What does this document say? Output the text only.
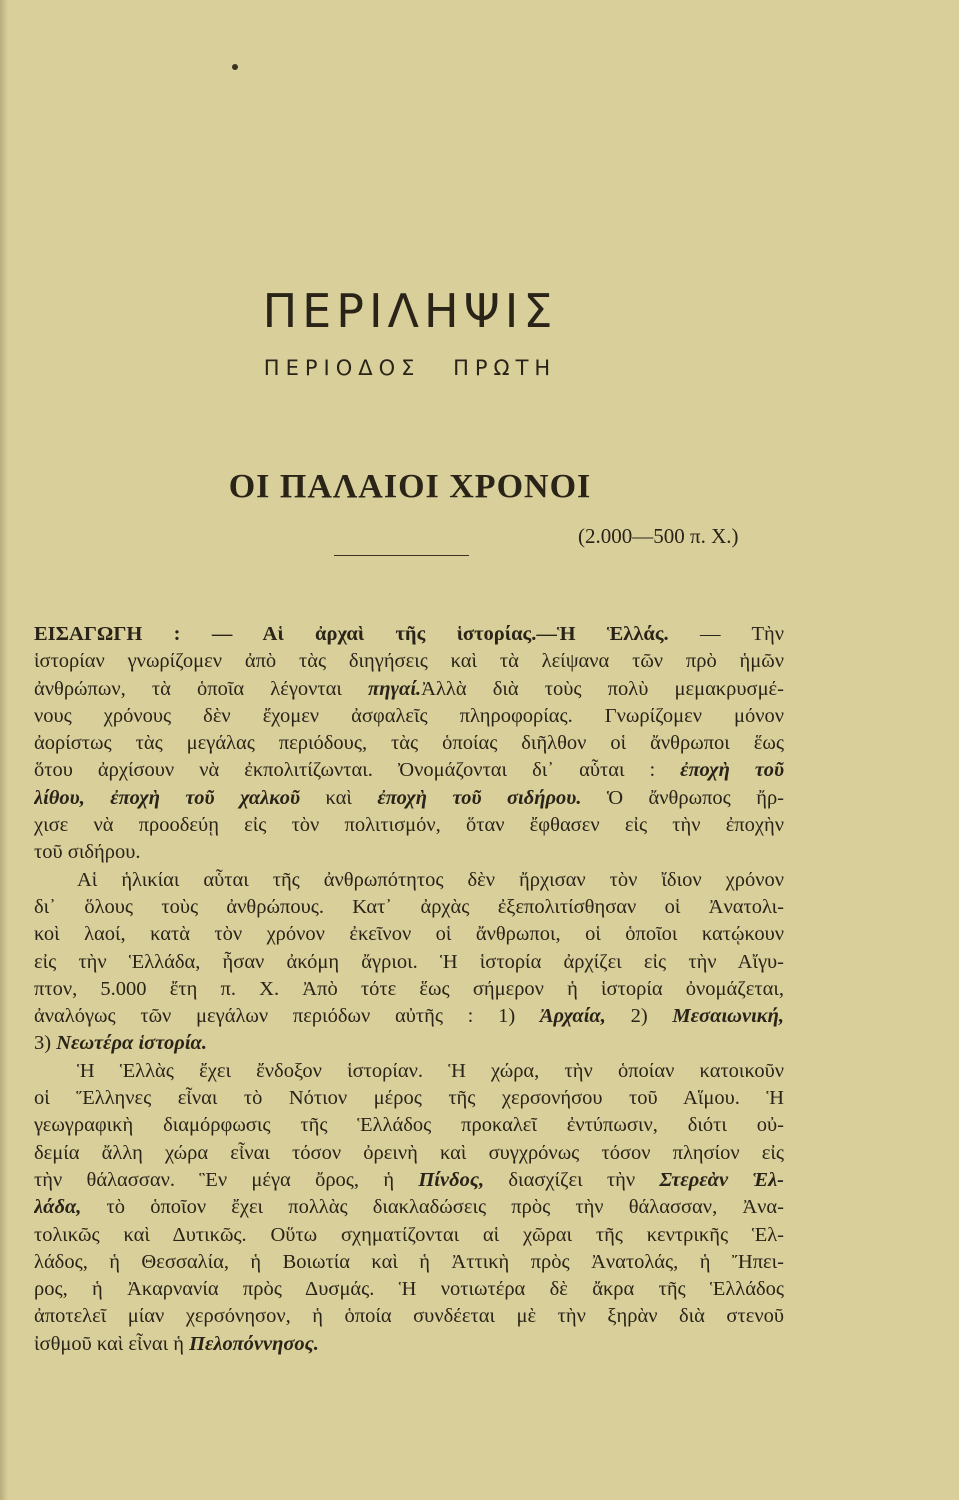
ΠΕΡΙΛΗΨΙΣ
ΠΕΡΙΟΔΟΣ ΠΡΩΤΗ
ΟΙ ΠΑΛΑΙΟΙ ΧΡΟΝΟΙ
(2.000—500 π. Χ.)
ΕΙΣΑΓΩΓΗ : — Αἱ ἀρχαὶ τῆς ἱστορίας.—Ἡ Ἑλλάς. — Τὴν
ἱστορίαν γνωρίζομεν ἀπὸ τὰς διηγήσεις καὶ τὰ λείψανα τῶν πρὸ ἡμῶν
ἀνθρώπων, τὰ ὁποῖα λέγονται πηγαί.Ἀλλὰ διὰ τοὺς πολὺ μεμακρυσμέ-
νους χρόνους δὲν ἔχομεν ἀσφαλεῖς πληροφορίας. Γνωρίζομεν μόνον
ἀορίστως τὰς μεγάλας περιόδους, τὰς ὁποίας διῆλθον οἱ ἄνθρωποι ἕως
ὅτου ἀρχίσουν νὰ ἐκπολιτίζωνται. Ὀνομάζονται δι᾽ αὗται : ἐποχὴ τοῦ
λίθου, ἐποχὴ τοῦ χαλκοῦ καὶ ἐποχὴ τοῦ σιδήρου. Ὁ ἄνθρωπος ἤρ-
χισε νὰ προοδεύῃ εἰς τὸν πολιτισμόν, ὅταν ἔφθασεν εἰς τὴν ἐποχὴν
τοῦ σιδήρου.
Αἱ ἡλικίαι αὗται τῆς ἀνθρωπότητος δὲν ἤρχισαν τὸν ἴδιον χρόνον
δι᾽ ὅλους τοὺς ἀνθρώπους. Κατ᾽ ἀρχὰς ἐξεπολιτίσθησαν οἱ Ἀνατολι-
κοὶ λαοί, κατὰ τὸν χρόνον ἐκεῖνον οἱ ἄνθρωποι, οἱ ὁποῖοι κατῴκουν
εἰς τὴν Ἑλλάδα, ἦσαν ἀκόμη ἄγριοι. Ἡ ἱστορία ἀρχίζει εἰς τὴν Αἴγυ-
πτον, 5.000 ἔτη π. Χ. Ἀπὸ τότε ἕως σήμερον ἡ ἱστορία ὀνομάζεται,
ἀναλόγως τῶν μεγάλων περιόδων αὐτῆς : 1) Ἀρχαία, 2) Μεσαιωνική,
3) Νεωτέρα ἱστορία.
Ἡ Ἑλλὰς ἔχει ἔνδοξον ἱστορίαν. Ἡ χώρα, τὴν ὁποίαν κατοικοῦν
οἱ Ἕλληνες εἶναι τὸ Νότιον μέρος τῆς χερσονήσου τοῦ Αἵμου. Ἡ
γεωγραφικὴ διαμόρφωσις τῆς Ἑλλάδος προκαλεῖ ἐντύπωσιν, διότι οὐ-
δεμία ἄλλη χώρα εἶναι τόσον ὀρεινὴ καὶ συγχρόνως τόσον πλησίον εἰς
τὴν θάλασσαν. Ἓν μέγα ὄρος, ἡ Πίνδος, διασχίζει τὴν Στερεὰν Ἑλ-
λάδα, τὸ ὁποῖον ἔχει πολλὰς διακλαδώσεις πρὸς τὴν θάλασσαν, Ἀνα-
τολικῶς καὶ Δυτικῶς. Οὕτω σχηματίζονται αἱ χῶραι τῆς κεντρικῆς Ἑλ-
λάδος, ἡ Θεσσαλία, ἡ Βοιωτία καὶ ἡ Ἀττικὴ πρὸς Ἀνατολάς, ἡ Ἤπει-
ρος, ἡ Ἀκαρνανία πρὸς Δυσμάς. Ἡ νοτιωτέρα δὲ ἄκρα τῆς Ἑλλάδος
ἀποτελεῖ μίαν χερσόνησον, ἡ ὁποία συνδέεται μὲ τὴν ξηρὰν διὰ στενοῦ
ἰσθμοῦ καὶ εἶναι ἡ Πελοπόννησος.
